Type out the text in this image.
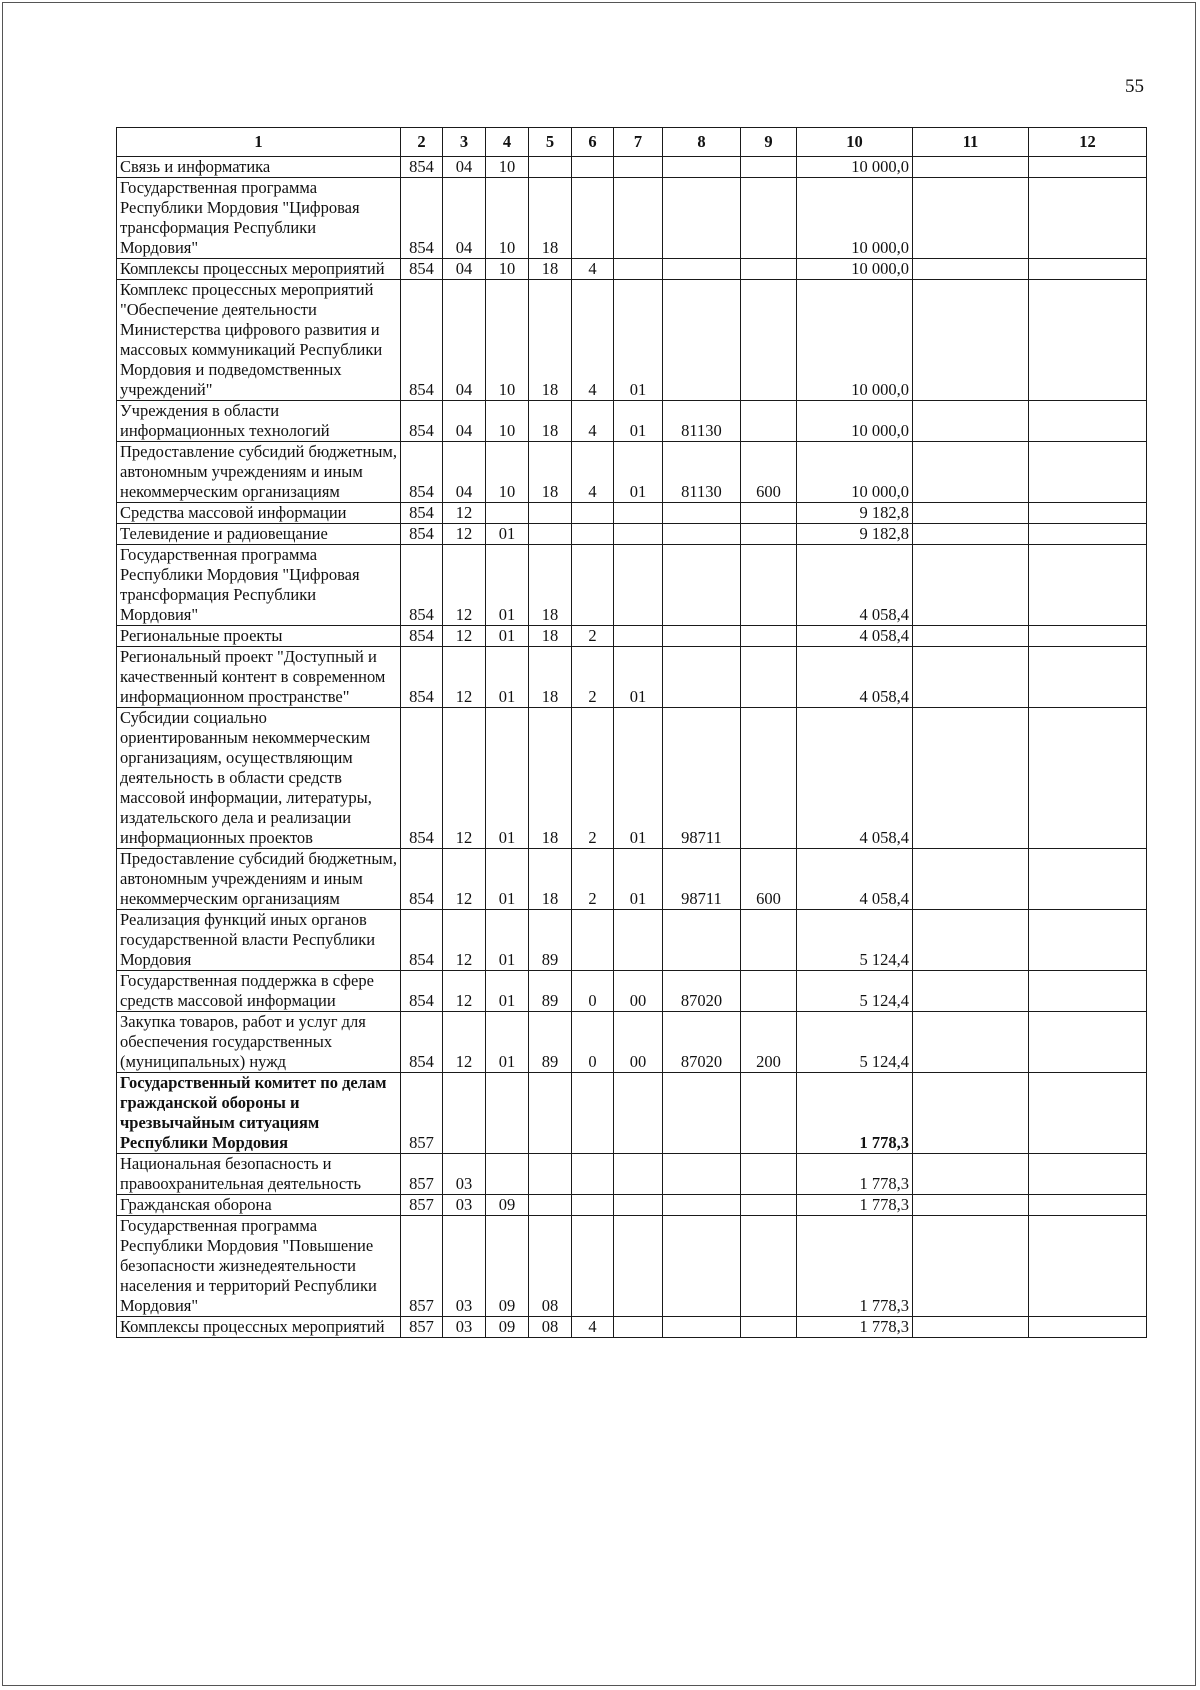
55
1	2	3	4	5	6	7	8	9	10	11	12
Связь и информатика	854	04	10						10 000,0		
Государственная программа Республики Мордовия "Цифровая трансформация Республики Мордовия"	854	04	10	18					10 000,0		
Комплексы процессных мероприятий	854	04	10	18	4				10 000,0		
Комплекс процессных мероприятий "Обеспечение деятельности Министерства цифрового развития и массовых коммуникаций Республики Мордовия и подведомственных учреждений"	854	04	10	18	4	01			10 000,0		
Учреждения в области информационных технологий	854	04	10	18	4	01	81130		10 000,0		
Предоставление субсидий бюджетным, автономным учреждениям и иным некоммерческим организациям	854	04	10	18	4	01	81130	600	10 000,0		
Средства массовой информации	854	12							9 182,8		
Телевидение и радиовещание	854	12	01						9 182,8		
Государственная программа Республики Мордовия "Цифровая трансформация Республики Мордовия"	854	12	01	18					4 058,4		
Региональные проекты	854	12	01	18	2				4 058,4		
Региональный проект "Доступный и качественный контент в современном информационном пространстве"	854	12	01	18	2	01			4 058,4		
Субсидии социально ориентированным некоммерческим организациям, осуществляющим деятельность в области средств массовой информации, литературы, издательского дела и реализации информационных проектов	854	12	01	18	2	01	98711		4 058,4		
Предоставление субсидий бюджетным, автономным учреждениям и иным некоммерческим организациям	854	12	01	18	2	01	98711	600	4 058,4		
Реализация функций иных органов государственной власти Республики Мордовия	854	12	01	89					5 124,4		
Государственная поддержка в сфере средств массовой информации	854	12	01	89	0	00	87020		5 124,4		
Закупка товаров, работ и услуг для обеспечения государственных (муниципальных) нужд	854	12	01	89	0	00	87020	200	5 124,4		
Государственный комитет по делам гражданской обороны и чрезвычайным ситуациям Республики Мордовия	857								1 778,3		
Национальная безопасность и правоохранительная деятельность	857	03							1 778,3		
Гражданская оборона	857	03	09						1 778,3		
Государственная программа Республики Мордовия "Повышение безопасности жизнедеятельности населения и территорий Республики Мордовия"	857	03	09	08					1 778,3		
Комплексы процессных мероприятий	857	03	09	08	4				1 778,3		
